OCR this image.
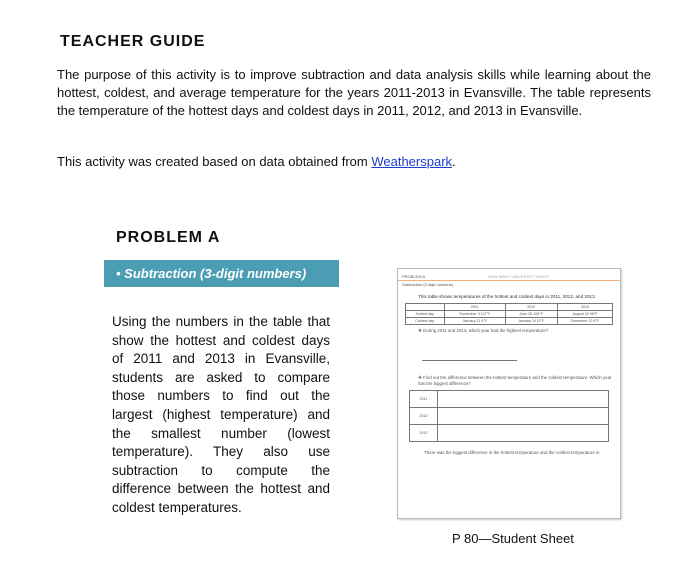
TEACHER GUIDE
The purpose of this activity is to improve subtraction and data analysis skills while learning about the hottest, coldest, and average temperature for the years 2011-2013 in Evansville. The table represents the temperature of the hottest days and coldest days in 2011, 2012, and 2013 in Evansville.
This activity was created based on data obtained from Weatherspark.
PROBLEM A
• Subtraction (3-digit numbers)
Using the numbers in the table that show the hottest and coldest days of 2011 and 2013 in Evansville, students are asked to compare those numbers to find out the largest (highest temperature) and the smallest number (lowest temperature). They also use subtraction to compute the difference between the hottest and coldest temperatures.
PROBLEM A	HOW MANY UNIVERSITY DAYS?
Subtraction (3 digit numbers)
This table shows temperatures of the hottest and coldest days in 2011, 2012, and 2013.
	2011	2012	2013
Hottest day	September 3 107°F	June 28 108°F	August 30 96°F
Coldest day	January 21 5°F	January 14 11°F	December 12 6°F
❖ During 2011 and 2013, which year had the highest temperature?
❖ Find out the difference between the hottest temperature and the coldest temperature. Which year has the biggest difference?
2011	
2012	
2013	
There was the biggest difference in the hottest temperature and the coldest temperature in
P 80—Student Sheet
